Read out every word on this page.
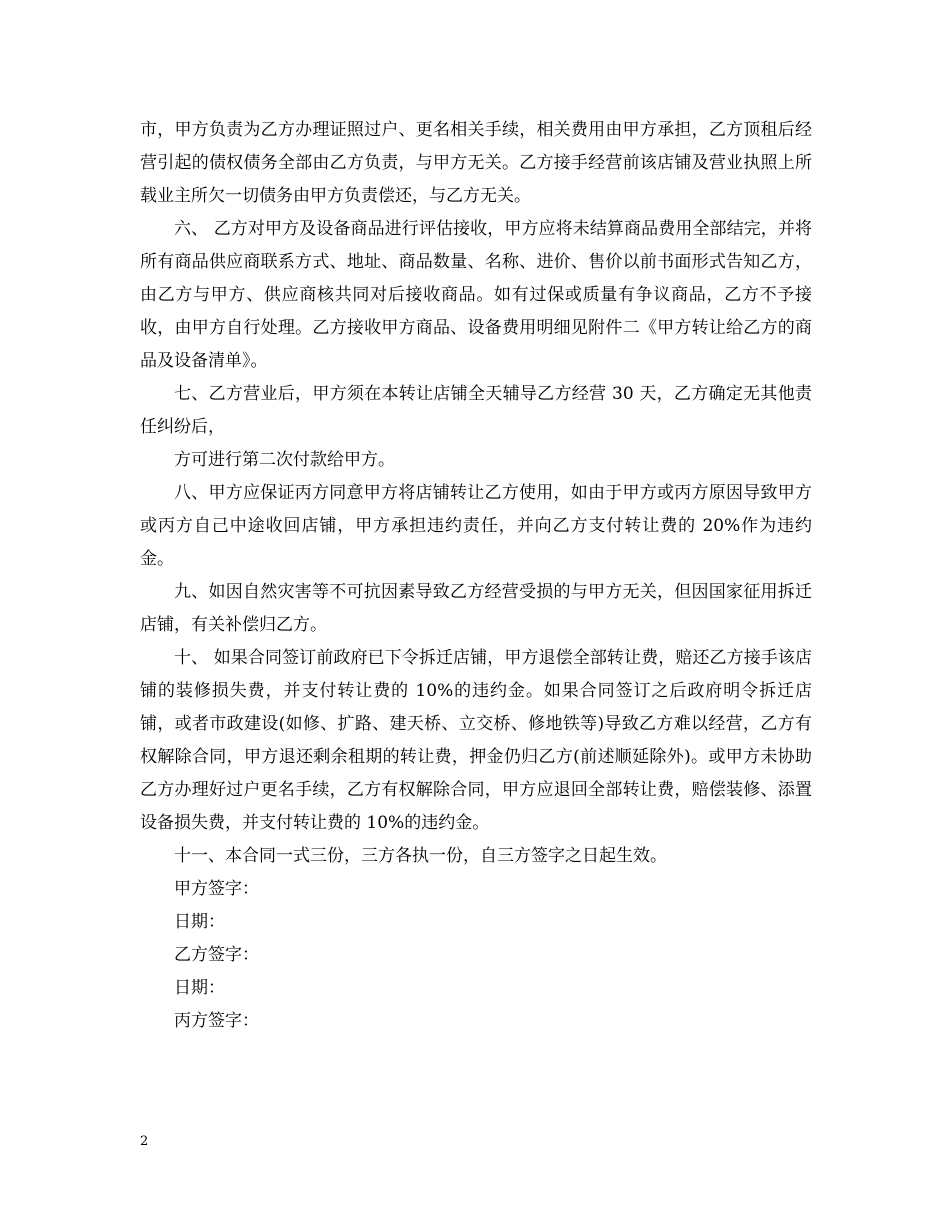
市，甲方负责为乙方办理证照过户、更名相关手续，相关费用由甲方承担，乙方顶租后经营引起的债权债务全部由乙方负责，与甲方无关。乙方接手经营前该店铺及营业执照上所载业主所欠一切债务由甲方负责偿还，与乙方无关。

六、 乙方对甲方及设备商品进行评估接收，甲方应将未结算商品费用全部结完，并将所有商品供应商联系方式、地址、商品数量、名称、进价、售价以前书面形式告知乙方，由乙方与甲方、供应商核共同对后接收商品。如有过保或质量有争议商品，乙方不予接收，由甲方自行处理。乙方接收甲方商品、设备费用明细见附件二《甲方转让给乙方的商品及设备清单》。

七、乙方营业后，甲方须在本转让店铺全天辅导乙方经营 30 天，乙方确定无其他责任纠纷后，

方可进行第二次付款给甲方。

八、甲方应保证丙方同意甲方将店铺转让乙方使用，如由于甲方或丙方原因导致甲方或丙方自己中途收回店铺，甲方承担违约责任，并向乙方支付转让费的 20%作为违约金。

九、如因自然灾害等不可抗因素导致乙方经营受损的与甲方无关，但因国家征用拆迁店铺，有关补偿归乙方。

十、 如果合同签订前政府已下令拆迁店铺，甲方退偿全部转让费，赔还乙方接手该店铺的装修损失费，并支付转让费的 10%的违约金。如果合同签订之后政府明令拆迁店铺，或者市政建设(如修、扩路、建天桥、立交桥、修地铁等)导致乙方难以经营，乙方有权解除合同，甲方退还剩余租期的转让费，押金仍归乙方(前述顺延除外)。或甲方未协助乙方办理好过户更名手续，乙方有权解除合同，甲方应退回全部转让费，赔偿装修、添置设备损失费，并支付转让费的 10%的违约金。

十一、本合同一式三份，三方各执一份，自三方签字之日起生效。

甲方签字：

日期：

乙方签字：

日期：

丙方签字：

2
